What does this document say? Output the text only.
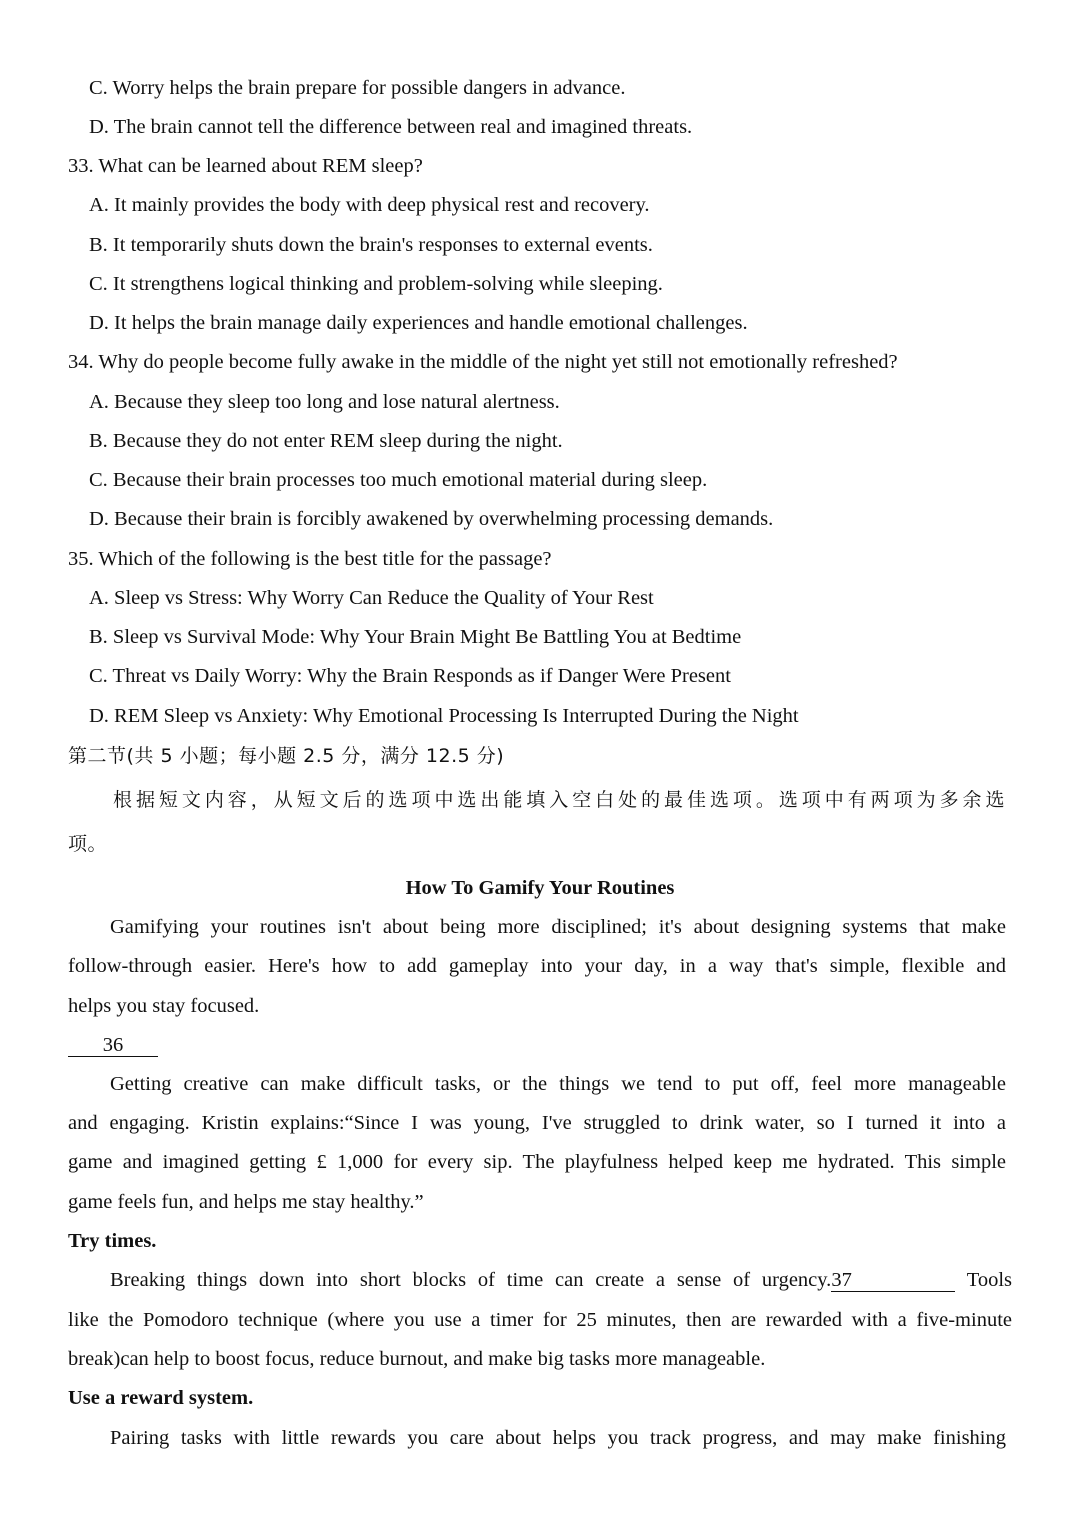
C. Worry helps the brain prepare for possible dangers in advance.
D. The brain cannot tell the difference between real and imagined threats.
33. What can be learned about REM sleep?
A. It mainly provides the body with deep physical rest and recovery.
B. It temporarily shuts down the brain's responses to external events.
C. It strengthens logical thinking and problem-solving while sleeping.
D. It helps the brain manage daily experiences and handle emotional challenges.
34. Why do people become fully awake in the middle of the night yet still not emotionally refreshed?
A. Because they sleep too long and lose natural alertness.
B. Because they do not enter REM sleep during the night.
C. Because their brain processes too much emotional material during sleep.
D. Because their brain is forcibly awakened by overwhelming processing demands.
35. Which of the following is the best title for the passage?
A. Sleep vs Stress: Why Worry Can Reduce the Quality of Your Rest
B. Sleep vs Survival Mode: Why Your Brain Might Be Battling You at Bedtime
C. Threat vs Daily Worry: Why the Brain Responds as if Danger Were Present
D. REM Sleep vs Anxiety: Why Emotional Processing Is Interrupted During the Night
第二节(共 5 小题；每小题 2.5 分，满分 12.5 分)
根据短文内容，从短文后的选项中选出能填入空白处的最佳选项。选项中有两项为多余选
项。
How To Gamify Your Routines
Gamifying your routines isn't about being more disciplined; it's about designing systems that make
follow-through easier. Here's how to add gameplay into your day, in a way that's simple, flexible and
helps you stay focused.
36
Getting creative can make difficult tasks, or the things we tend to put off, feel more manageable
and engaging. Kristin explains:“Since I was young, I've struggled to drink water, so I turned it into a
game and imagined getting £ 1,000 for every sip. The playfulness helped keep me hydrated. This simple
game feels fun, and helps me stay healthy.”
Try times.
Breaking things down into short blocks of time can create a sense of urgency.37	Tools
like the Pomodoro technique (where you use a timer for 25 minutes, then are rewarded with a five-minute
break)can help to boost focus, reduce burnout, and make big tasks more manageable.
Use a reward system.
Pairing tasks with little rewards you care about helps you track progress, and may make finishing
